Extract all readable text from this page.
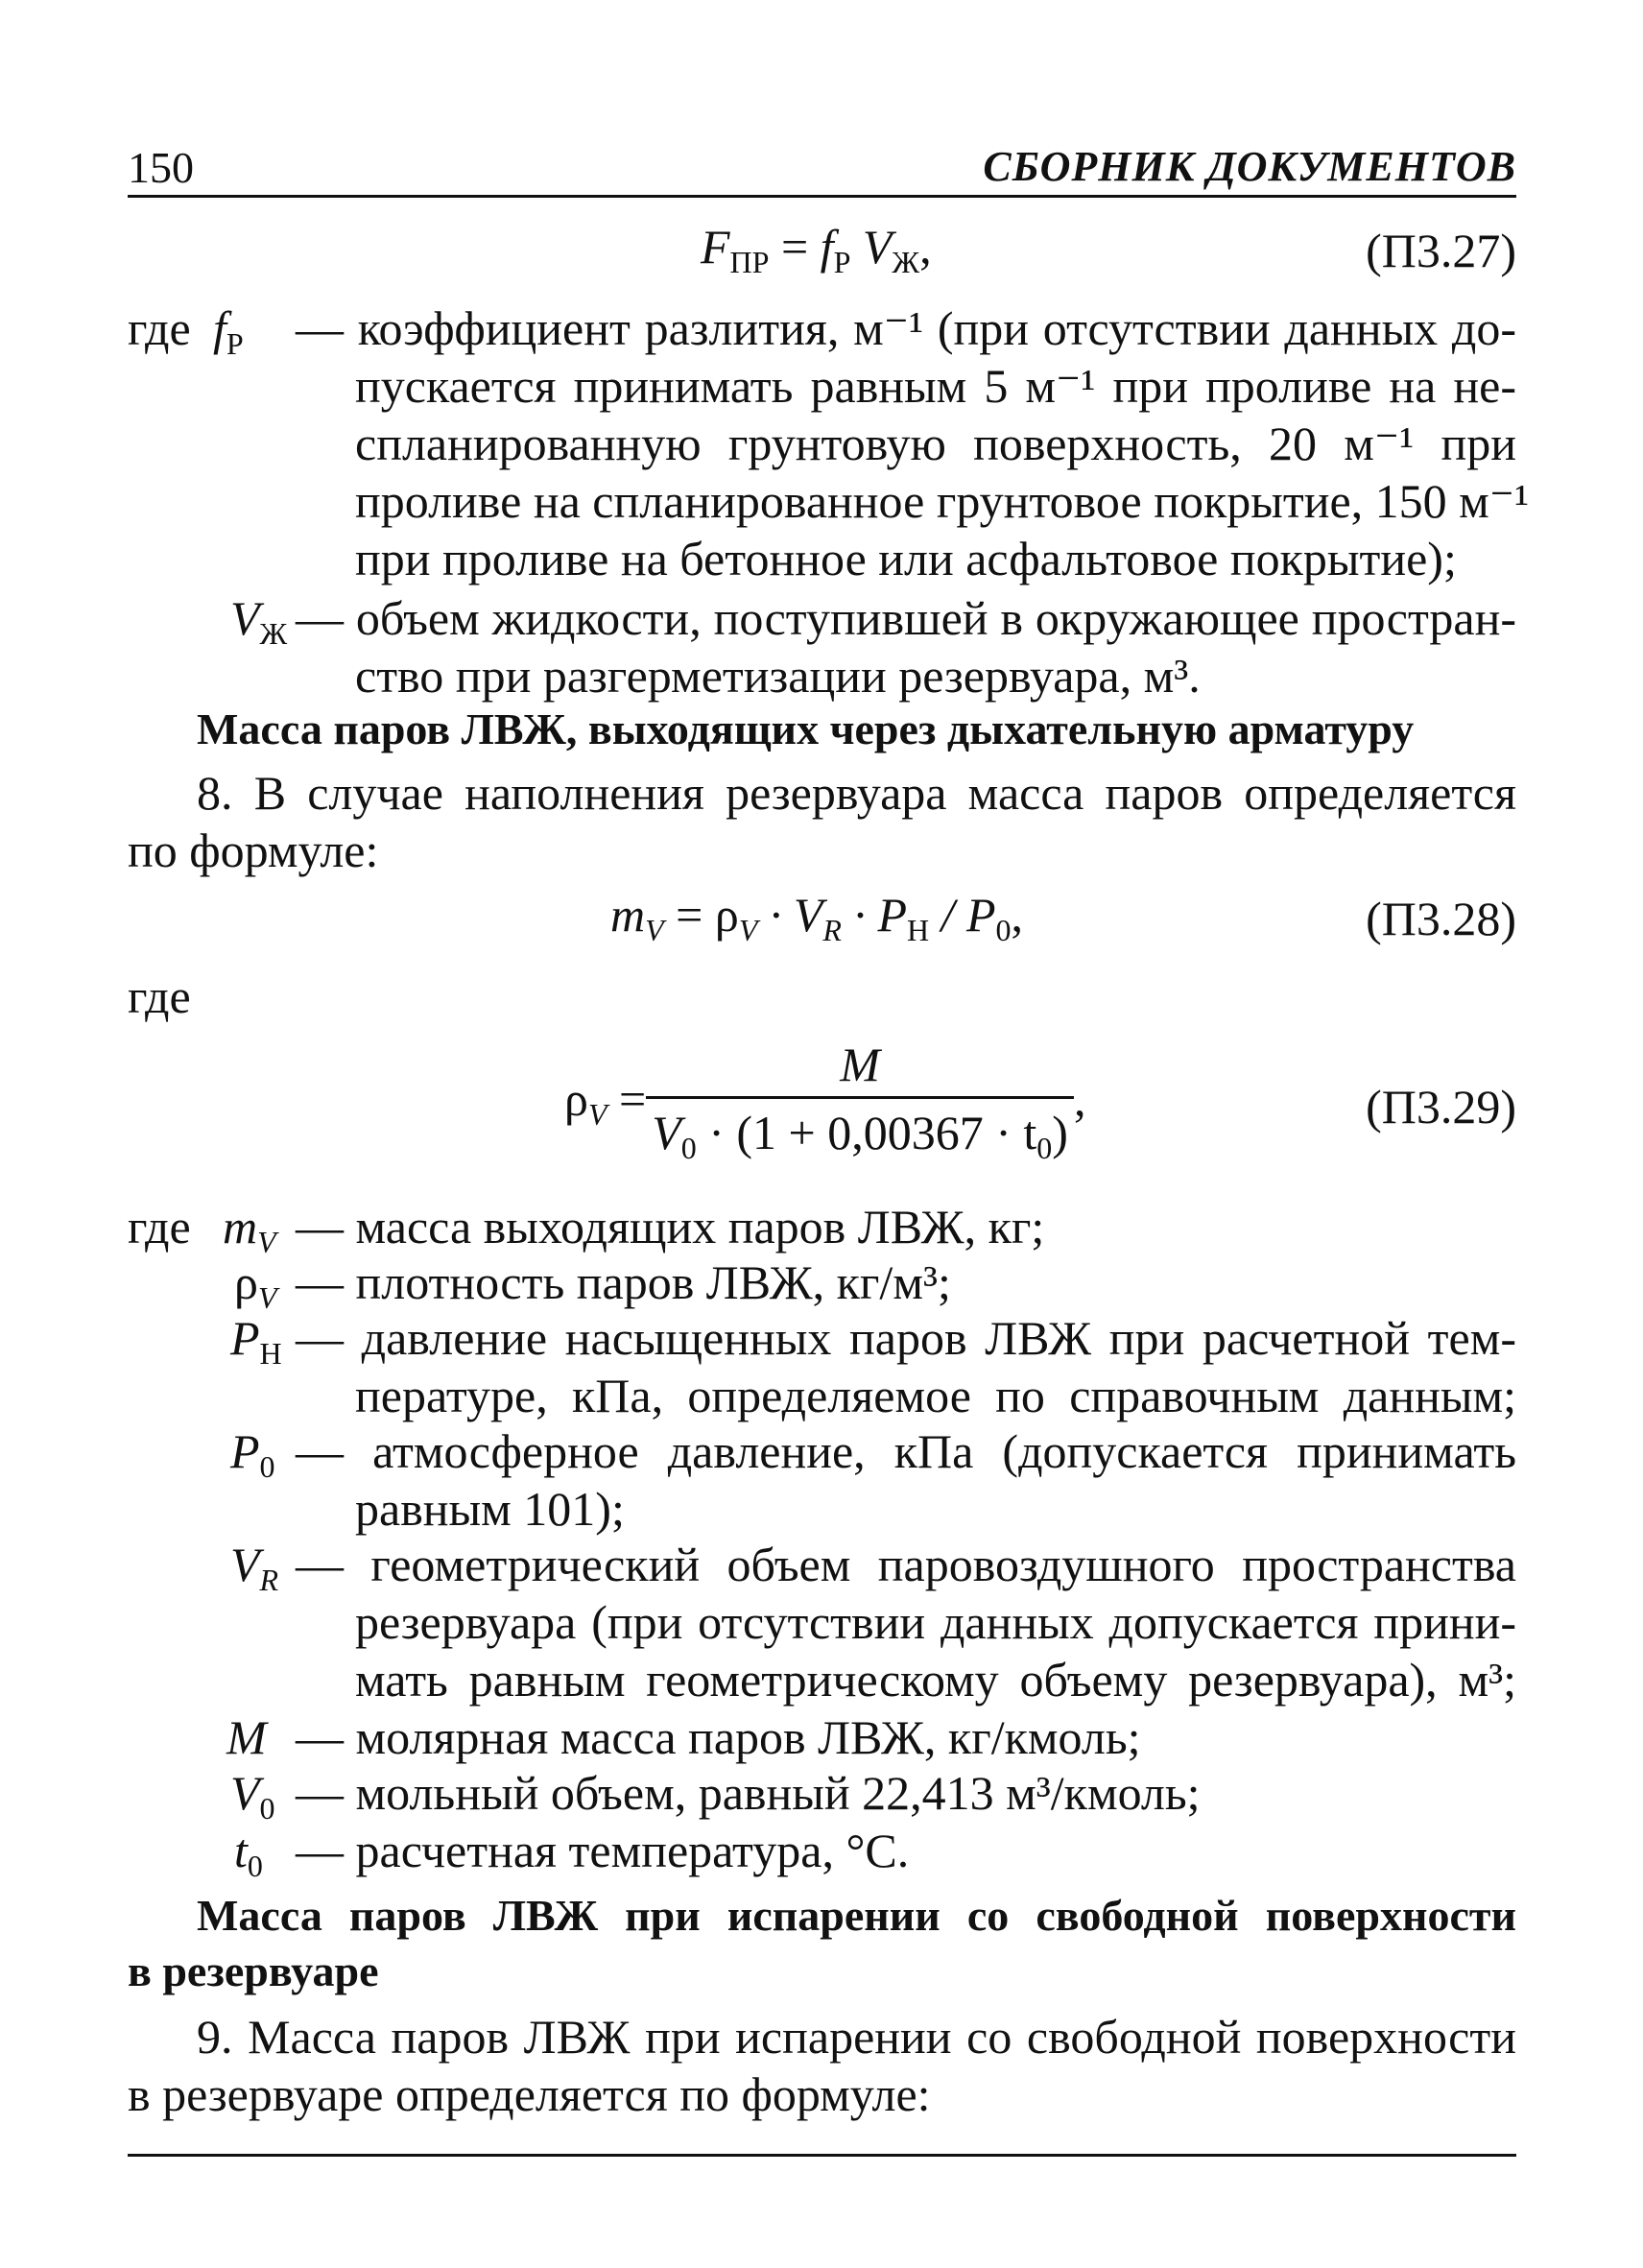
150	СБОРНИК ДОКУМЕНТОВ
$F_{ПР} = f_Р$ $V_Ж$,	(П3.27)
где $f_Р$ — коэффициент разлития, м⁻¹ (при отсутствии данных до-
пускается принимать равным 5 м⁻¹ при проливе на не-
спланированную грунтовую поверхность, 20 м⁻¹ при
проливе на спланированное грунтовое покрытие, 150 м⁻¹
при проливе на бетонное или асфальтовое покрытие);
$V_Ж$ — объем жидкости, поступившей в окружающее простран-
ство при разгерметизации резервуара, м³.
Масса паров ЛВЖ, выходящих через дыхательную арматуру
8. В случае наполнения резервуара масса паров определяется
по формуле:
$m_V = \rho_V \cdot V_R \cdot P_Н / P_0$,	(П3.28)
где
$\rho_V = \frac{M}{V_0 \cdot (1 + 0,00367 \cdot t_0)}$ ,	(П3.29)
где $m_V$ — масса выходящих паров ЛВЖ, кг;
$\rho_V$ — плотность паров ЛВЖ, кг/м³;
$P_Н$ — давление насыщенных паров ЛВЖ при расчетной тем-
пературе, кПа, определяемое по справочным данным;
$P_0$ — атмосферное давление, кПа (допускается принимать
равным 101);
$V_R$ — геометрический объем паровоздушного пространства
резервуара (при отсутствии данных допускается прини-
мать равным геометрическому объему резервуара), м³;
M — молярная масса паров ЛВЖ, кг/кмоль;
$V_0$ — мольный объем, равный 22,413 м³/кмоль;
$t_0$ — расчетная температура, °С.
Масса паров ЛВЖ при испарении со свободной поверхности
в резервуаре
9. Масса паров ЛВЖ при испарении со свободной поверхности
в резервуаре определяется по формуле:
